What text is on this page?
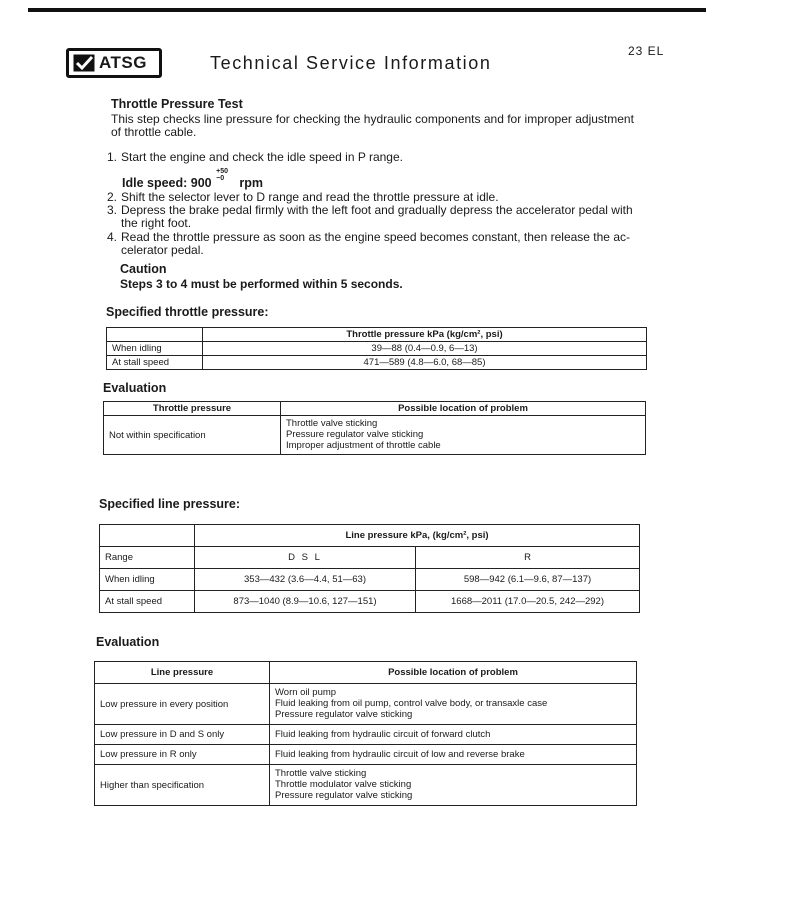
ATSG	Technical Service Information
23 EL
Throttle Pressure Test
This step checks line pressure for checking the hydraulic components and for improper adjustment
of throttle cable.
1. Start the engine and check the idle speed in P range.
Idle speed: 900 $^{+50 -0}$ rpm
2. Shift the selector lever to D range and read the throttle pressure at idle.
3. Depress the brake pedal firmly with the left foot and gradually depress the accelerator pedal with
the right foot.
4. Read the throttle pressure as soon as the engine speed becomes constant, then release the ac-
celerator pedal.
Caution
Steps 3 to 4 must be performed within 5 seconds.
Specified throttle pressure:
	Throttle pressure kPa (kg/cm², psi)
When idling	39—88 (0.4—0.9, 6—13)
At stall speed	471—589 (4.8—6.0, 68—85)
Evaluation
Throttle pressure	Possible location of problem
Not within specification	Throttle valve sticking
Pressure regulator valve sticking
Improper adjustment of throttle cable
Specified line pressure:
	Line pressure kPa, (kg/cm², psi)	
Range	D S L	R
When idling	353—432 (3.6—4.4, 51—63)	598—942 (6.1—9.6, 87—137)
At stall speed	873—1040 (8.9—10.6, 127—151)	1668—2011 (17.0—20.5, 242—292)
Evaluation
Line pressure	Possible location of problem
Low pressure in every position	Worn oil pump
Fluid leaking from oil pump, control valve body, or transaxle case
Pressure regulator valve sticking

Low pressure in D and S only	Fluid leaking from hydraulic circuit of forward clutch
Low pressure in R only	Fluid leaking from hydraulic circuit of low and reverse brake
Higher than specification	Throttle valve sticking
Throttle modulator valve sticking
Pressure regulator valve sticking
